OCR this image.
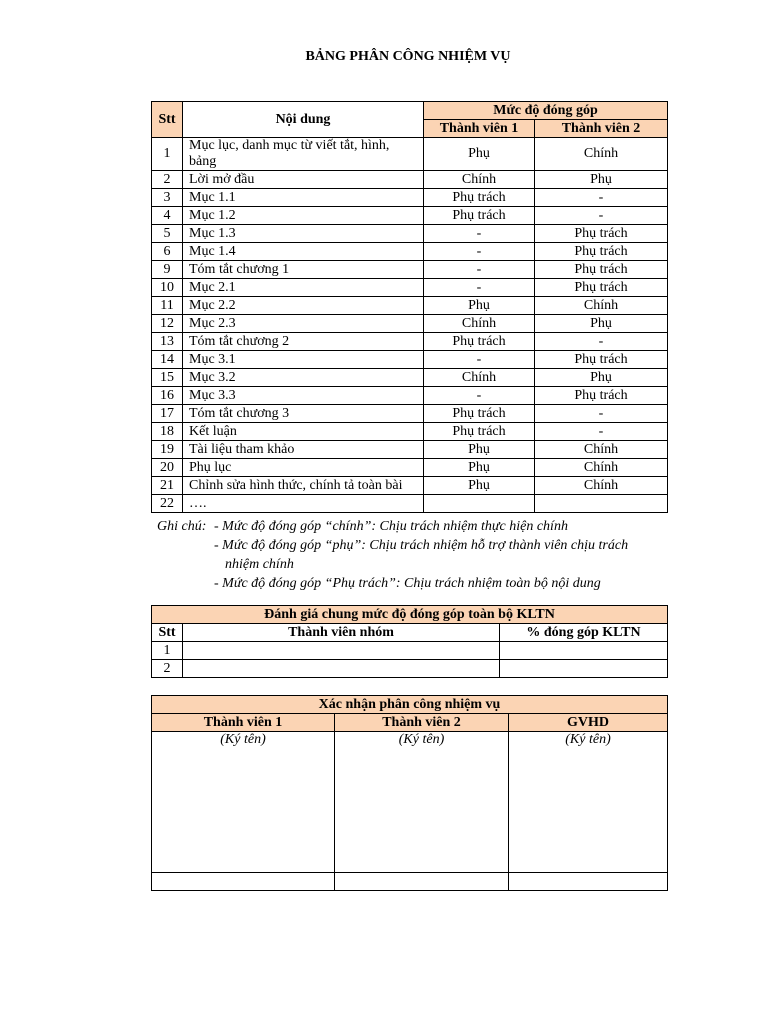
BẢNG PHÂN CÔNG NHIỆM VỤ
Stt	Nội dung	Mức độ đóng góp	
		Thành viên 1	Thành viên 2
1	Mục lục, danh mục từ viết tắt, hình, bảng	Phụ	Chính
2	Lời mở đầu	Chính	Phụ
3	Mục 1.1	Phụ trách	-
4	Mục 1.2	Phụ trách	-
5	Mục 1.3	-	Phụ trách
6	Mục 1.4	-	Phụ trách
9	Tóm tắt chương 1	-	Phụ trách
10	Mục 2.1	-	Phụ trách
11	Mục 2.2	Phụ	Chính
12	Mục 2.3	Chính	Phụ
13	Tóm tắt chương 2	Phụ trách	-
14	Mục 3.1	-	Phụ trách
15	Mục 3.2	Chính	Phụ
16	Mục 3.3	-	Phụ trách
17	Tóm tắt chương 3	Phụ trách	-
18	Kết luận	Phụ trách	-
19	Tài liệu tham khảo	Phụ	Chính
20	Phụ lục	Phụ	Chính
21	Chỉnh sửa hình thức, chính tả toàn bài	Phụ	Chính
22	….		
Ghi chú: - Mức độ đóng góp “chính”: Chịu trách nhiệm thực hiện chính
- Mức độ đóng góp “phụ”: Chịu trách nhiệm hỗ trợ thành viên chịu trách
nhiệm chính
- Mức độ đóng góp “Phụ trách”: Chịu trách nhiệm toàn bộ nội dung
Đánh giá chung mức độ đóng góp toàn bộ KLTN		
Stt	Thành viên nhóm	% đóng góp KLTN
1		
2		
Xác nhận phân công nhiệm vụ		
Thành viên 1	Thành viên 2	GVHD
(Ký tên)	(Ký tên)	(Ký tên)
